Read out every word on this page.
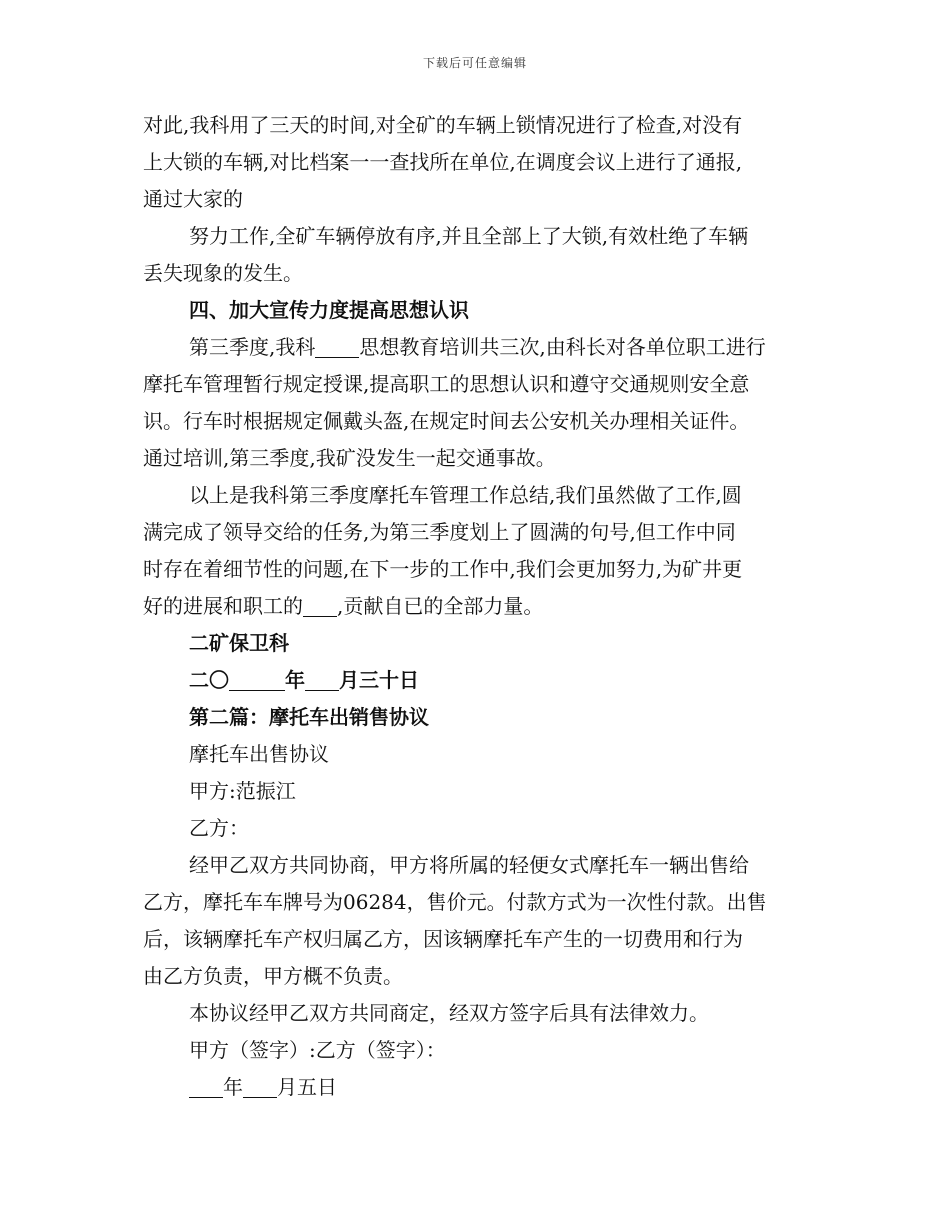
下载后可任意编辑

对此,我科用了三天的时间,对全矿的车辆上锁情况进行了检查,对没有

上大锁的车辆,对比档案一一查找所在单位,在调度会议上进行了通报,

通过大家的

努力工作,全矿车辆停放有序,并且全部上了大锁,有效杜绝了车辆

丢失现象的发生。

四、加大宣传力度提高思想认识

第三季度,我科 思想教育培训共三次,由科长对各单位职工进行

摩托车管理暂行规定授课,提高职工的思想认识和遵守交通规则安全意

识。行车时根据规定佩戴头盔,在规定时间去公安机关办理相关证件。

通过培训,第三季度,我矿没发生一起交通事故。

以上是我科第三季度摩托车管理工作总结,我们虽然做了工作,圆

满完成了领导交给的任务,为第三季度划上了圆满的句号,但工作中同

时存在着细节性的问题,在下一步的工作中,我们会更加努力,为矿井更

好的进展和职工的 ,贡献自已的全部力量。

二矿保卫科

二〇	年 月三十日

第二篇：摩托车出销售协议

摩托车出售协议

甲方:范振江

乙方：

经甲乙双方共同协商，甲方将所属的轻便女式摩托车一辆出售给

乙方，摩托车车牌号为06284，售价元。付款方式为一次性付款。出售

后，该辆摩托车产权归属乙方，因该辆摩托车产生的一切费用和行为

由乙方负责，甲方概不负责。

本协议经甲乙双方共同商定，经双方签字后具有法律效力。

甲方（签字）:乙方（签字）：

年 月五日
